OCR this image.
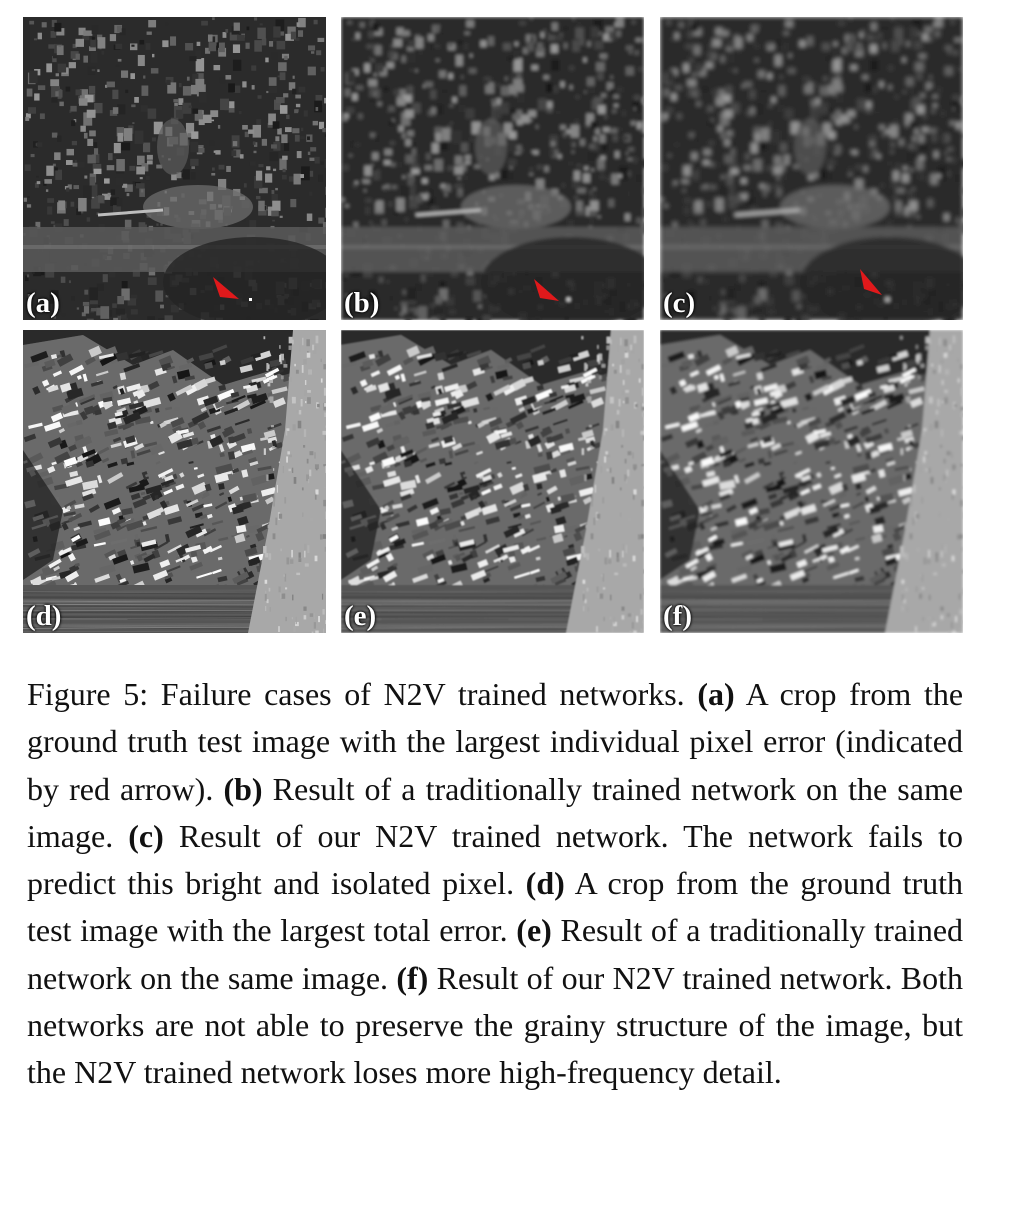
(a)	(b)	(c)
(d)	(e)	(f)
Figure 5: Failure cases of N2V trained networks. (a) A crop from the ground truth test image with the largest individual pixel error (indicated by red arrow). (b) Result of a traditionally trained network on the same image. (c) Result of our N2V trained network. The network fails to predict this bright and isolated pixel. (d) A crop from the ground truth test image with the largest total error. (e) Result of a traditionally trained network on the same image. (f) Result of our N2V trained network. Both networks are not able to preserve the grainy structure of the image, but the N2V trained network loses more high-frequency detail.
